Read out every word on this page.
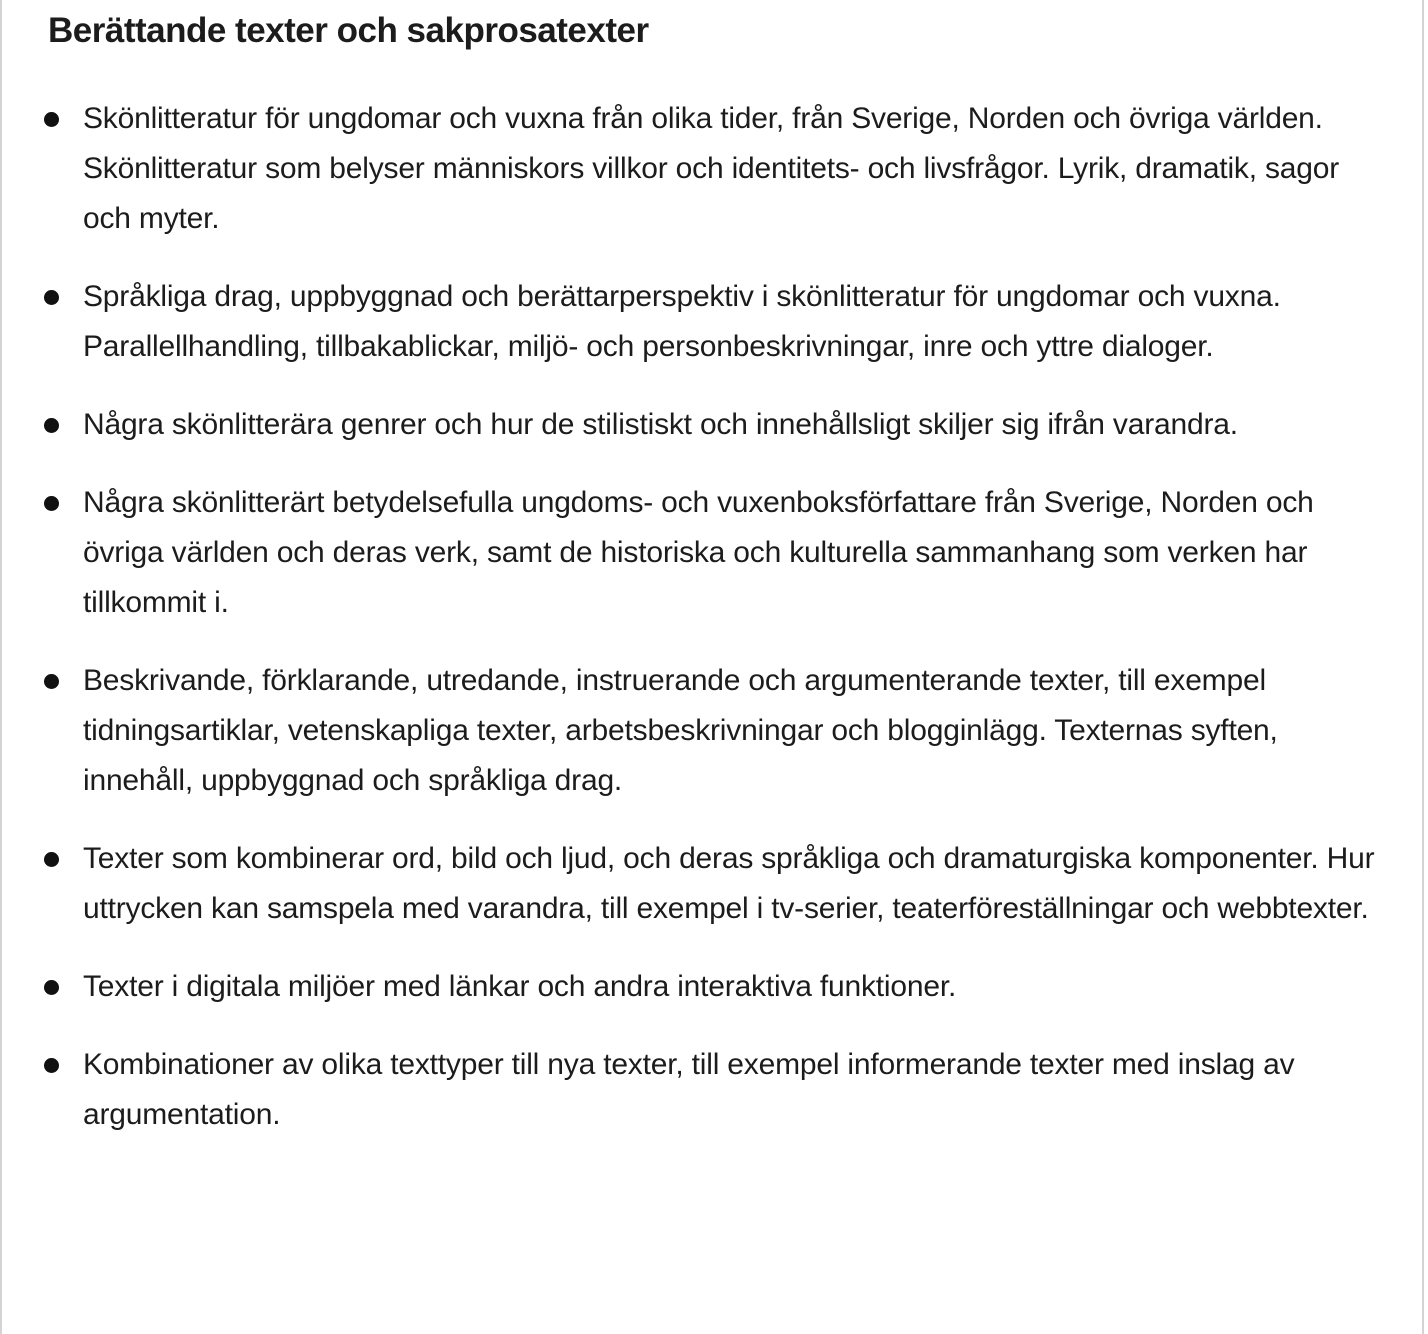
Berättande texter och sakprosatexter
Skönlitteratur för ungdomar och vuxna från olika tider, från Sverige, Norden och övriga världen. Skönlitteratur som belyser människors villkor och identitets- och livsfrågor. Lyrik, dramatik, sagor och myter.
Språkliga drag, uppbyggnad och berättarperspektiv i skönlitteratur för ungdomar och vuxna. Parallellhandling, tillbakablickar, miljö- och personbeskrivningar, inre och yttre dialoger.
Några skönlitterära genrer och hur de stilistiskt och innehållsligt skiljer sig ifrån varandra.
Några skönlitterärt betydelsefulla ungdoms- och vuxenboksförfattare från Sverige, Norden och övriga världen och deras verk, samt de historiska och kulturella sammanhang som verken har tillkommit i.
Beskrivande, förklarande, utredande, instruerande och argumenterande texter, till exempel tidningsartiklar, vetenskapliga texter, arbetsbeskrivningar och blogginlägg. Texternas syften, innehåll, uppbyggnad och språkliga drag.
Texter som kombinerar ord, bild och ljud, och deras språkliga och dramaturgiska komponenter. Hur uttrycken kan samspela med varandra, till exempel i tv-serier, teaterföreställningar och webbtexter.
Texter i digitala miljöer med länkar och andra interaktiva funktioner.
Kombinationer av olika texttyper till nya texter, till exempel informerande texter med inslag av argumentation.
